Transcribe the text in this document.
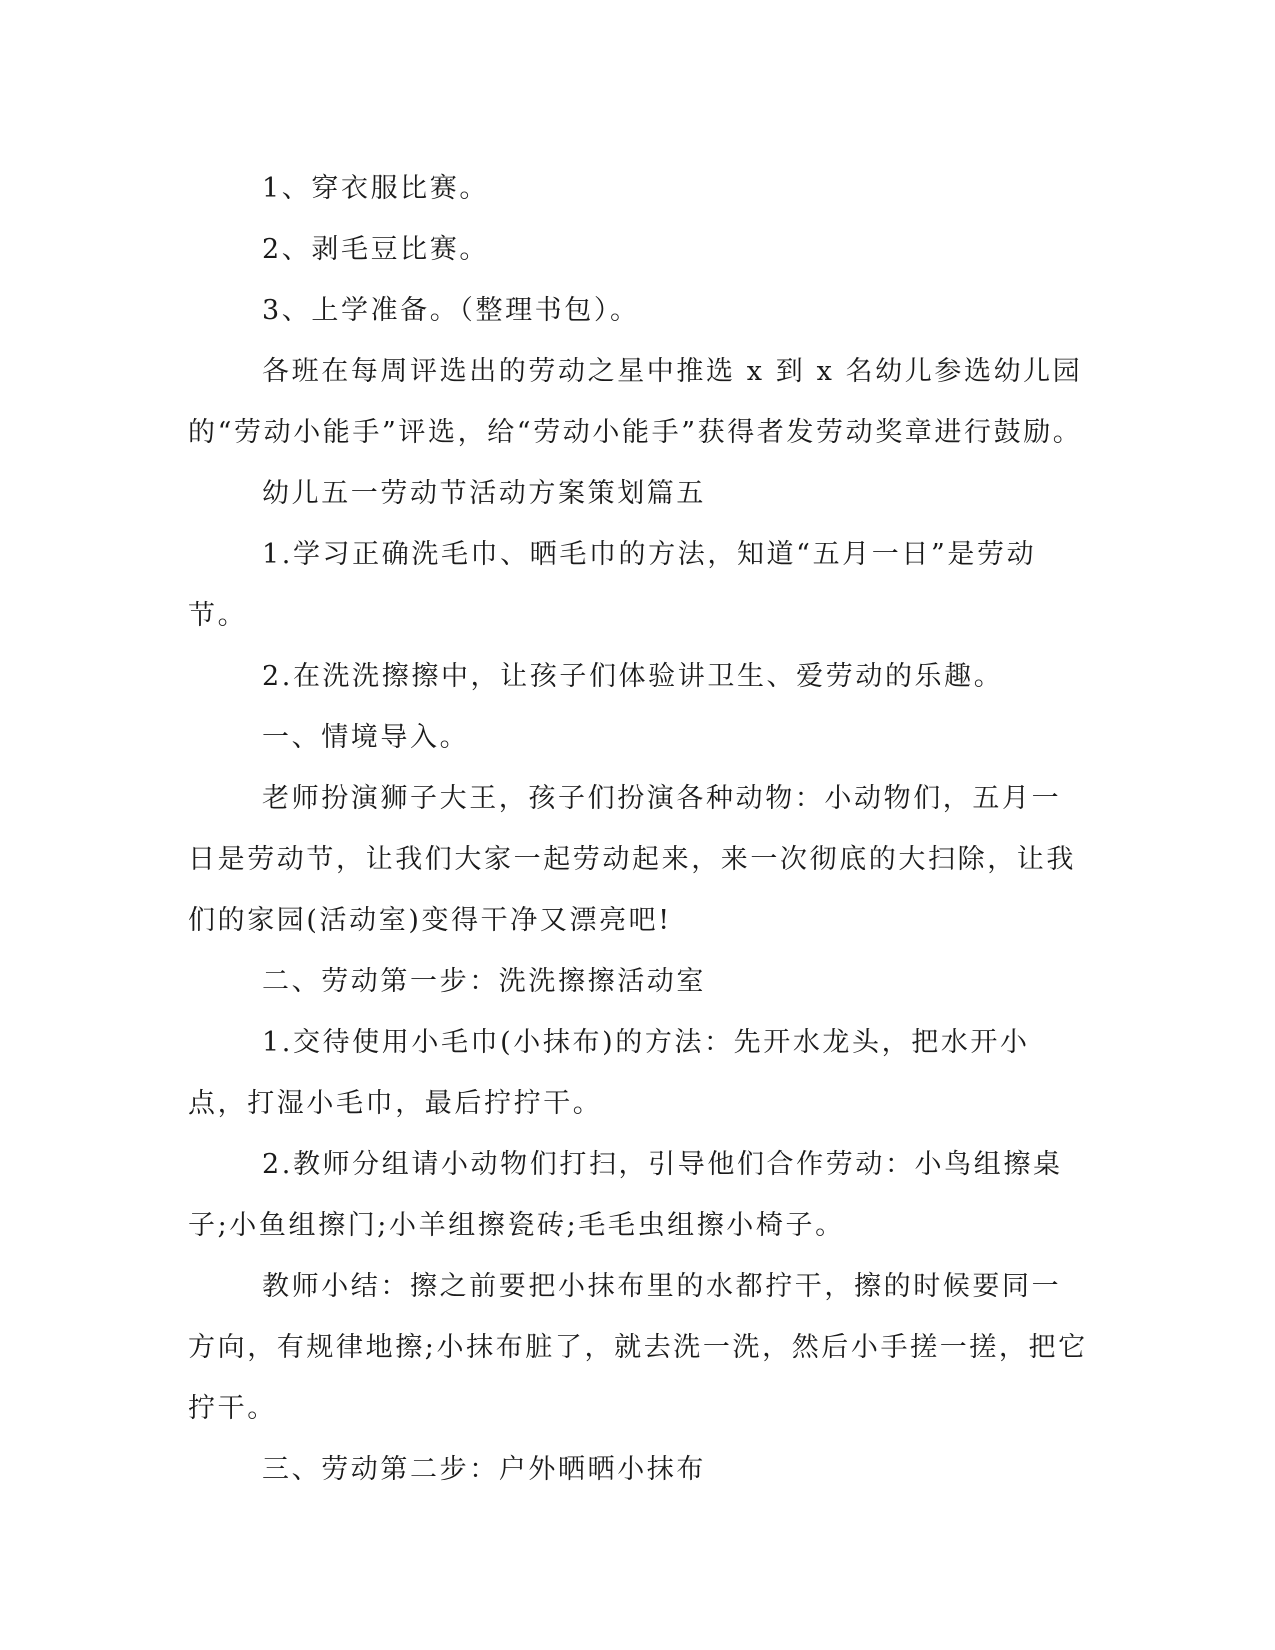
1、穿衣服比赛。

2、剥毛豆比赛。

3、上学准备。（整理书包）。

各班在每周评选出的劳动之星中推选 x 到 x 名幼儿参选幼儿园的“劳动小能手”评选，给“劳动小能手”获得者发劳动奖章进行鼓励。

幼儿五一劳动节活动方案策划篇五

1.学习正确洗毛巾、晒毛巾的方法，知道“五月一日”是劳动节。

2.在洗洗擦擦中，让孩子们体验讲卫生、爱劳动的乐趣。

一、情境导入。

老师扮演狮子大王，孩子们扮演各种动物：小动物们，五月一日是劳动节，让我们大家一起劳动起来，来一次彻底的大扫除，让我们的家园(活动室)变得干净又漂亮吧!

二、劳动第一步：洗洗擦擦活动室

1.交待使用小毛巾(小抹布)的方法：先开水龙头，把水开小点，打湿小毛巾，最后拧拧干。

2.教师分组请小动物们打扫，引导他们合作劳动：小鸟组擦桌子;小鱼组擦门;小羊组擦瓷砖;毛毛虫组擦小椅子。

教师小结：擦之前要把小抹布里的水都拧干，擦的时候要同一方向，有规律地擦;小抹布脏了，就去洗一洗，然后小手搓一搓，把它拧干。

三、劳动第二步：户外晒晒小抹布
